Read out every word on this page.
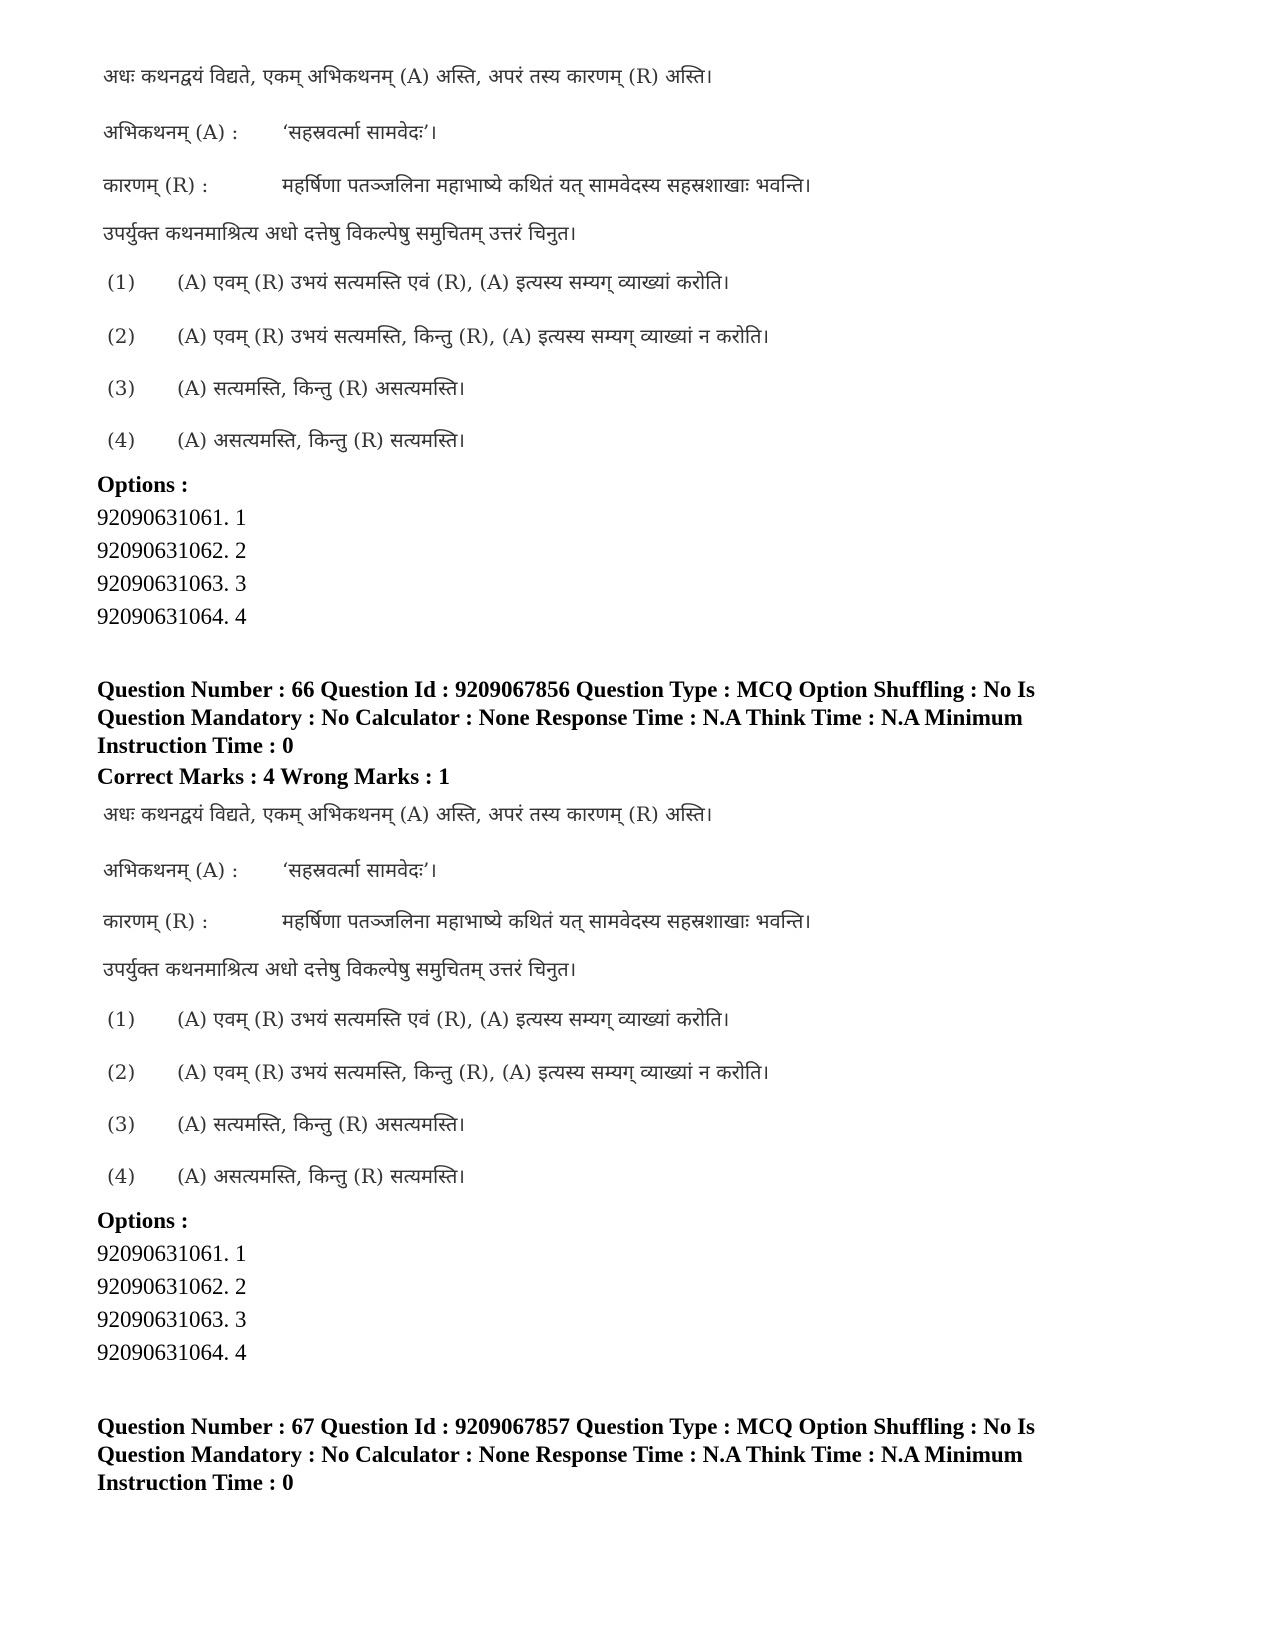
अधः कथनद्वयं विद्यते, एकम् अभिकथनम् (A) अस्ति, अपरं तस्य कारणम् (R) अस्ति।
अभिकथनम् (A) : ‘सहस्रवर्त्मा सामवेदः’।
कारणम् (R) :	महर्षिणा पतञ्जलिना महाभाष्ये कथितं यत् सामवेदस्य सहस्रशाखाः भवन्ति।
उपर्युक्त कथनमाश्रित्य अधो दत्तेषु विकल्पेषु समुचितम् उत्तरं चिनुत।
(1) (A) एवम् (R) उभयं सत्यमस्ति एवं (R), (A) इत्यस्य सम्यग् व्याख्यां करोति।
(2) (A) एवम् (R) उभयं सत्यमस्ति, किन्तु (R), (A) इत्यस्य सम्यग् व्याख्यां न करोति।
(3) (A) सत्यमस्ति, किन्तु (R) असत्यमस्ति।
(4) (A) असत्यमस्ति, किन्तु (R) सत्यमस्ति।
Options :
92090631061. 1
92090631062. 2
92090631063. 3
92090631064. 4
Question Number : 66 Question Id : 9209067856 Question Type : MCQ Option Shuffling : No Is
Question Mandatory : No Calculator : None Response Time : N.A Think Time : N.A Minimum
Instruction Time : 0
Correct Marks : 4 Wrong Marks : 1
अधः कथनद्वयं विद्यते, एकम् अभिकथनम् (A) अस्ति, अपरं तस्य कारणम् (R) अस्ति।
अभिकथनम् (A) : ‘सहस्रवर्त्मा सामवेदः’।
कारणम् (R) :	महर्षिणा पतञ्जलिना महाभाष्ये कथितं यत् सामवेदस्य सहस्रशाखाः भवन्ति।
उपर्युक्त कथनमाश्रित्य अधो दत्तेषु विकल्पेषु समुचितम् उत्तरं चिनुत।
(1) (A) एवम् (R) उभयं सत्यमस्ति एवं (R), (A) इत्यस्य सम्यग् व्याख्यां करोति।
(2) (A) एवम् (R) उभयं सत्यमस्ति, किन्तु (R), (A) इत्यस्य सम्यग् व्याख्यां न करोति।
(3) (A) सत्यमस्ति, किन्तु (R) असत्यमस्ति।
(4) (A) असत्यमस्ति, किन्तु (R) सत्यमस्ति।
Options :
92090631061. 1
92090631062. 2
92090631063. 3
92090631064. 4
Question Number : 67 Question Id : 9209067857 Question Type : MCQ Option Shuffling : No Is
Question Mandatory : No Calculator : None Response Time : N.A Think Time : N.A Minimum
Instruction Time : 0
